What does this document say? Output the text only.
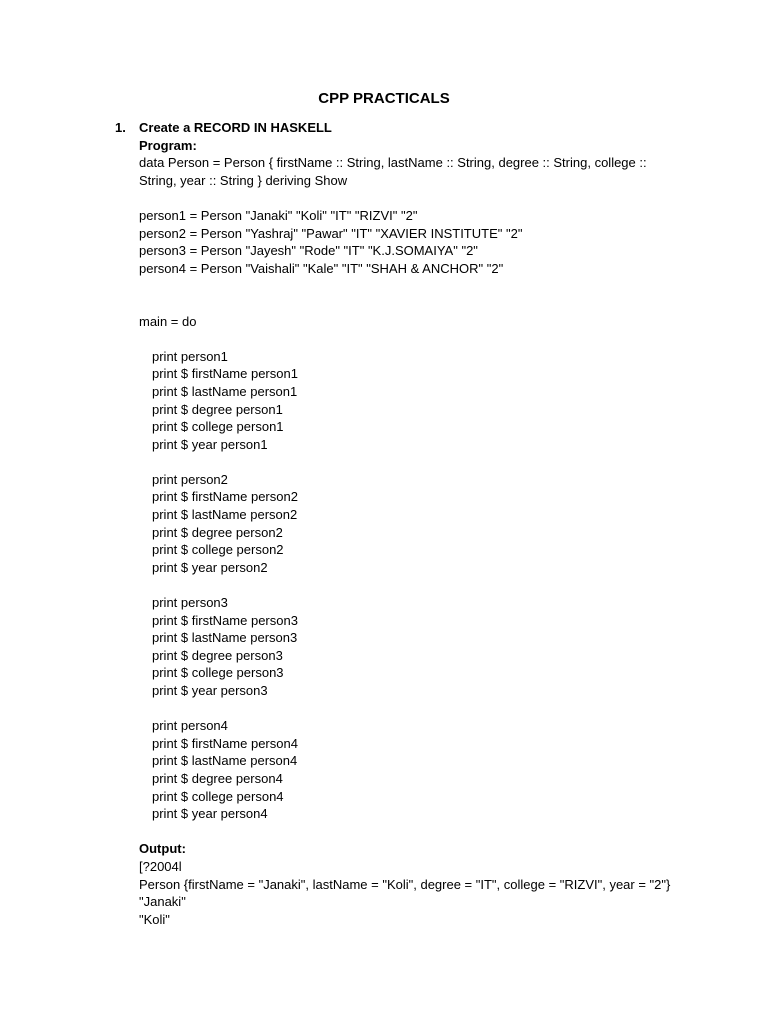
CPP PRACTICALS
1. Create a RECORD IN HASKELL
Program:
data Person = Person { firstName :: String, lastName :: String, degree :: String, college :: String, year :: String } deriving Show
person1 = Person "Janaki" "Koli" "IT" "RIZVI" "2"
person2 = Person "Yashraj" "Pawar" "IT" "XAVIER INSTITUTE" "2"
person3 = Person "Jayesh" "Rode" "IT" "K.J.SOMAIYA" "2"
person4 = Person "Vaishali" "Kale" "IT" "SHAH & ANCHOR" "2"
main = do
print person1
print $ firstName person1
print $ lastName person1
print $ degree person1
print $ college person1
print $ year person1
print person2
print $ firstName person2
print $ lastName person2
print $ degree person2
print $ college person2
print $ year person2
print person3
print $ firstName person3
print $ lastName person3
print $ degree person3
print $ college person3
print $ year person3
print person4
print $ firstName person4
print $ lastName person4
print $ degree person4
print $ college person4
print $ year person4
Output:
[?2004l
Person {firstName = "Janaki", lastName = "Koli", degree = "IT", college = "RIZVI", year = "2"}
"Janaki"
"Koli"
